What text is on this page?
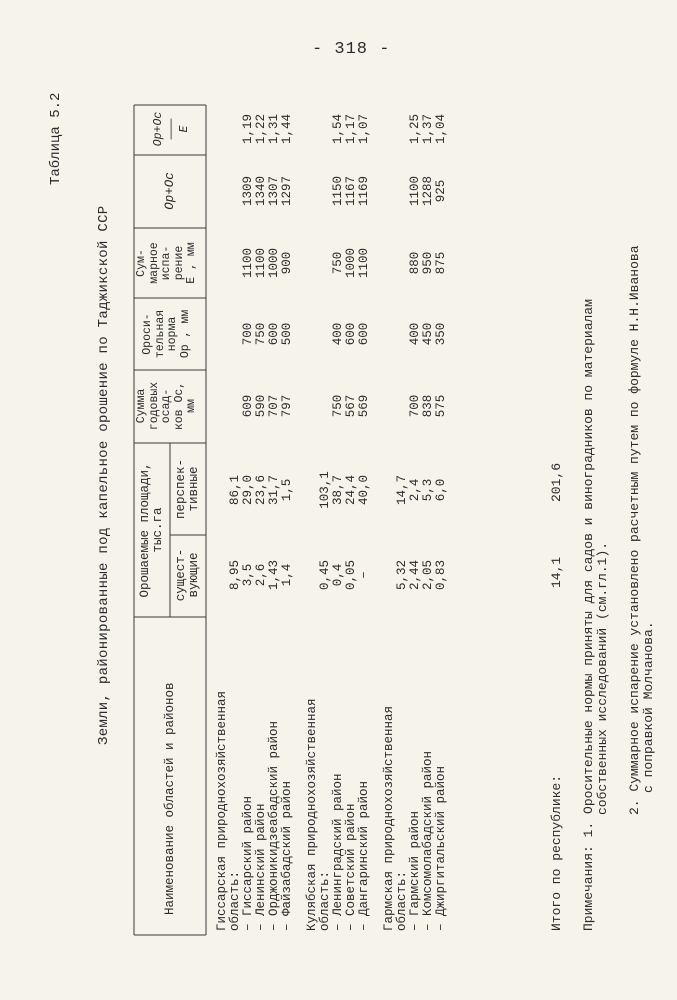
- 318 -
Таблица 5.2
Земли, районированные под капельное орошение по Таджикской ССР
Наименование областей и районов
Орошаемые площади,
тыс.га
сущест-
вующие
перспек-
тивные
Сумма
годовых
осад-
ков Oс,
мм
Ороси-
тельная
норма
Op , мм
Сум-
марное
испа-
рение
E , мм
Op+Oс
Op+Oс
———
E
Гиссарская природнохозяйственная область:
8,95
86,1
– Гиссарский район
3,5
29,0
609
700
1100
1309
1,19
– Ленинский район
2,6
23,6
590
750
1100
1340
1,22
– Орджоникидзеабадский район
1,43
31,7
707
600
1000
1307
1,31
– Файзабадский район
1,4
1,5
797
500
900
1297
1,44
Кулябская природнохозяйственная область:
0,45
103,1
– Ленинградский район
0,4
38,7
750
400
750
1150
1,54
– Советский район
0,05
24,4
567
600
1000
1167
1,17
– Дангаринский район
–
40,0
569
600
1100
1169
1,07
Гармская природнохозяйственная область:
5,32
14,7
– Гармский район
2,44
2,4
700
400
880
1100
1,25
– Комсомолабадский район
2,05
5,3
838
450
950
1288
1,37
– Джиргитальский район
0,83
6,0
575
350
875
925
1,04
Итого по республике:
14,1
201,6 Примечания: 1. Оросительные нормы приняты для садов и виноградников по материалам собственных исследований (см.гл.1). 2. Суммарное испарение установлено расчетным путем по формуле Н.Н.Иванова с поправкой Молчанова.
